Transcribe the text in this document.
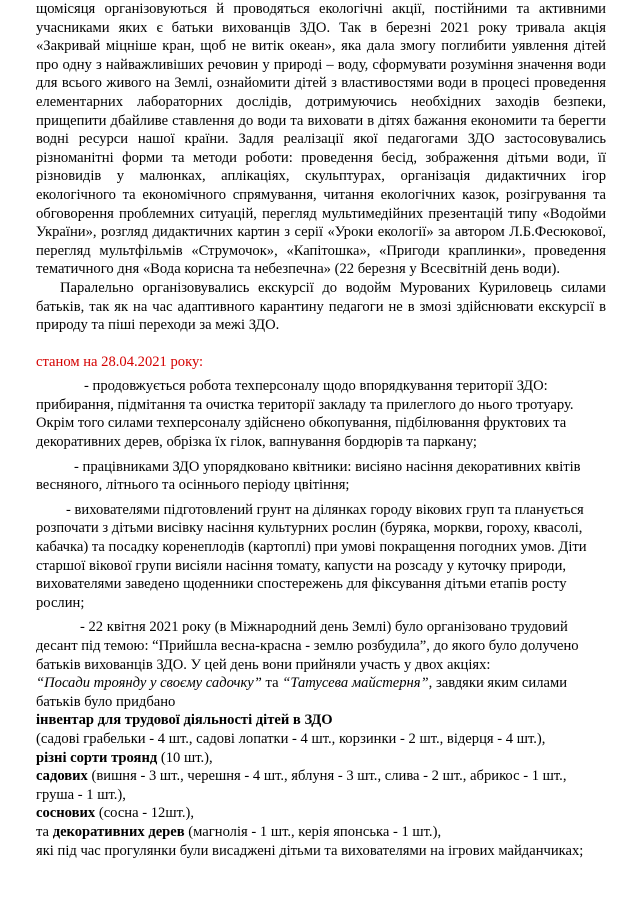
щомісяця організовуються й проводяться екологічні акції, постійними та активними учасниками яких є батьки вихованців ЗДО. Так в березні 2021 року тривала акція «Закривай міцніше кран, щоб не витік океан», яка дала змогу поглибити уявлення дітей про одну з найважливіших речовин у природі – воду, сформувати розуміння значення води для всього живого на Землі, ознайомити дітей з властивостями води в процесі проведення елементарних лабораторних дослідів, дотримуючись необхідних заходів безпеки, прищепити дбайливе ставлення до води та виховати в дітях бажання економити та берегти водні ресурси нашої країни. Задля реалізації якої педагогами ЗДО застосовувались різноманітні форми та методи роботи: проведення бесід, зображення дітьми води, її різновидів у малюнках, аплікаціях, скульптурах, організація дидактичних ігор екологічного та економічного спрямування, читання екологічних казок, розігрування та обговорення проблемних ситуацій, перегляд мультимедійних презентацій типу «Водойми України», розгляд дидактичних картин з серії «Уроки екології» за автором Л.Б.Фесюкової, перегляд мультфільмів «Струмочок», «Капітошка», «Пригоди краплинки», проведення тематичного дня «Вода корисна та небезпечна» (22 березня у Всесвітній день води).

Паралельно організовувались екскурсії до водойм Мурованих Куриловець силами батьків, так як на час адаптивного карантину педагоги не в змозі здійснювати екскурсії в природу та піші переходи за межі ЗДО.

станом на 28.04.2021 року:

- продовжується робота техперсоналу щодо впорядкування території ЗДО: прибирання, підмітання та очистка території закладу та прилеглого до нього тротуару. Окрім того силами техперсоналу здійснено обкопування, підбілювання фруктових та декоративних дерев, обрізка їх гілок, вапнування бордюрів та паркану;

- працівниками ЗДО упорядковано квітники: висіяно насіння декоративних квітів весняного, літнього та осіннього періоду цвітіння;

- вихователями підготовлений грунт на ділянках городу вікових груп та планується розпочати з дітьми висівку насіння культурних рослин (буряка, моркви, гороху, квасолі, кабачка) та посадку коренеплодів (картоплі) при умові покращення погодних умов. Діти старшої вікової групи висіяли насіння томату, капусти на розсаду у куточку природи, вихователями заведено щоденники спостережень для фіксування дітьми етапів росту рослин;

- 22 квітня 2021 року (в Міжнародний день Землі) було організовано трудовий десант під темою: “Прийшла весна-красна - землю розбудила”, до якого було долучено батьків вихованців ЗДО. У цей день вони прийняли участь у двох акціях:

“Посади троянду у своєму садочку” та “Татусева майстерня”, завдяки яким силами батьків було придбано

інвентар для трудової діяльності дітей в ЗДО

(садові грабельки - 4 шт., садові лопатки - 4 шт., корзинки - 2 шт., відерця - 4 шт.),

різні сорти троянд (10 шт.),

садових (вишня - 3 шт., черешня - 4 шт., яблуня - 3 шт., слива - 2 шт., абрикос - 1 шт., груша - 1 шт.),

соснових (сосна - 12шт.),

та декоративних дерев (магнолія - 1 шт., керія японська - 1 шт.),

які під час прогулянки були висаджені дітьми та вихователями на ігрових майданчиках;
